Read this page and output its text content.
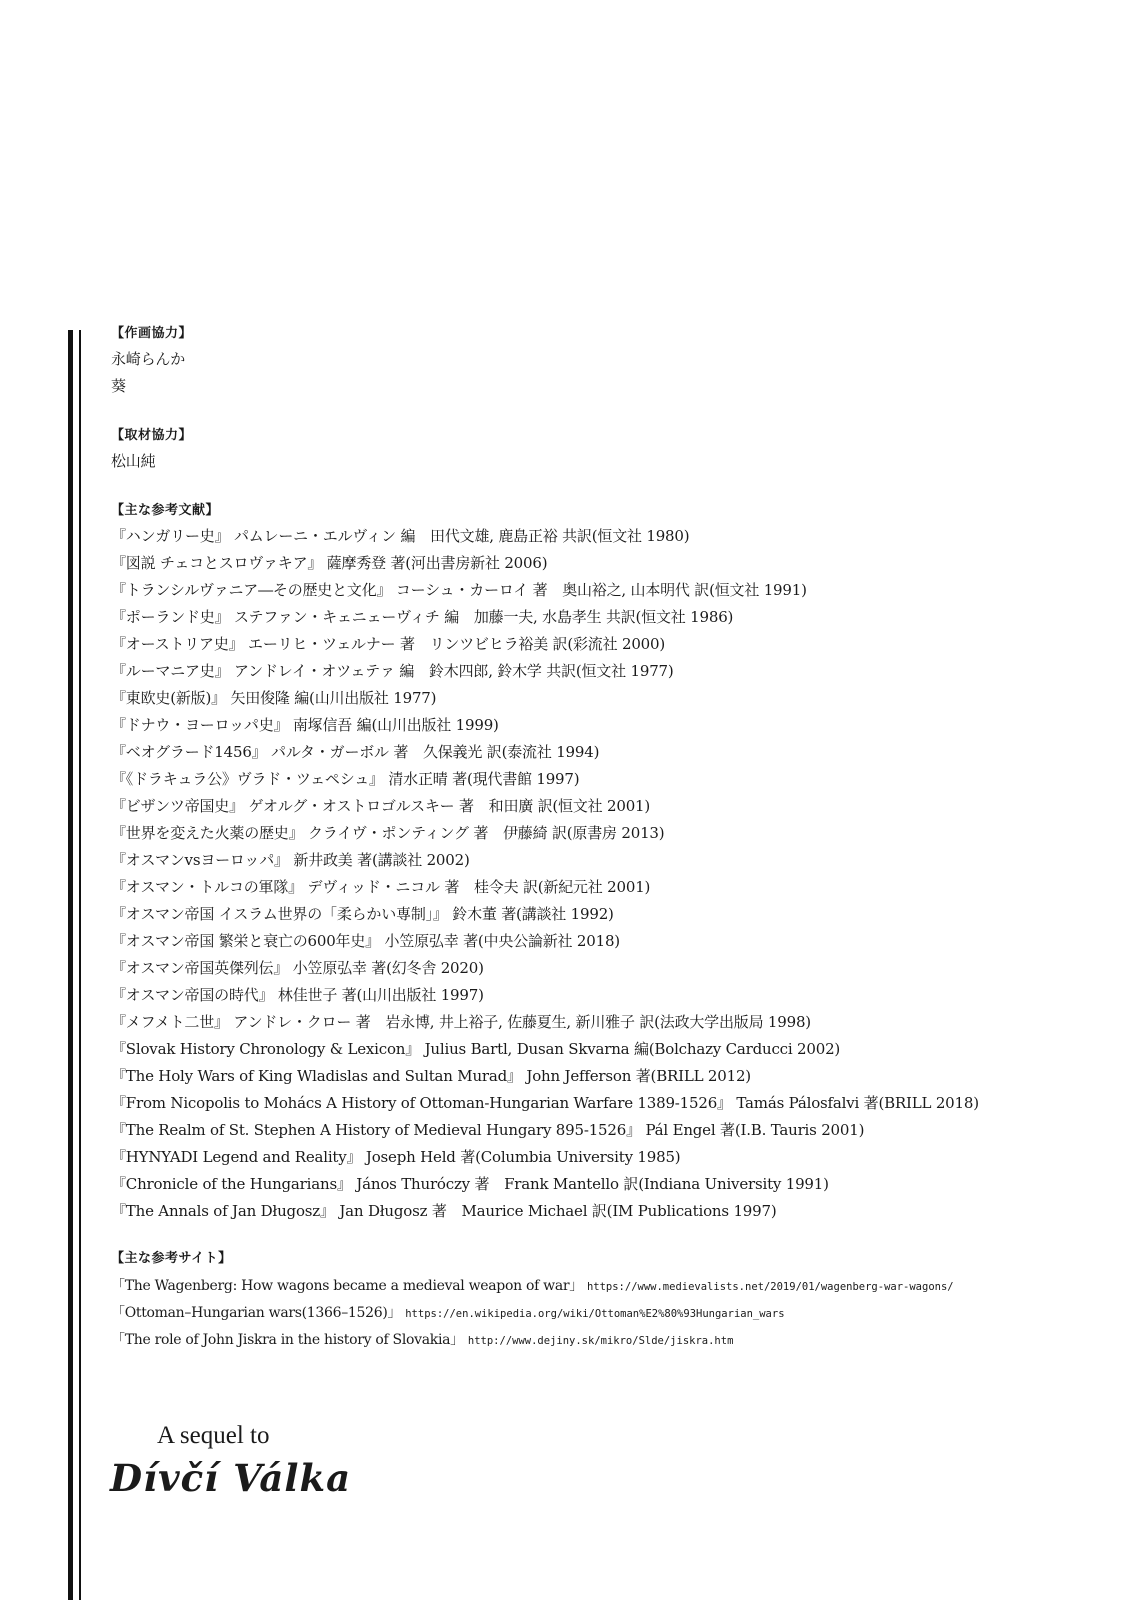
【作画協力】
永崎らんか
葵
【取材協力】
松山純
【主な参考文献】
『ハンガリー史』 パムレーニ・エルヴィン 編　田代文雄, 鹿島正裕 共訳(恒文社 1980)
『図説 チェコとスロヴァキア』 薩摩秀登 著(河出書房新社 2006)
『トランシルヴァニア―その歴史と文化』 コーシュ・カーロイ 著　奥山裕之, 山本明代 訳(恒文社 1991)
『ポーランド史』 ステファン・キェニェーヴィチ 編　加藤一夫, 水島孝生 共訳(恒文社 1986)
『オーストリア史』 エーリヒ・ツェルナー 著　リンツビヒラ裕美 訳(彩流社 2000)
『ルーマニア史』 アンドレイ・オツェテァ 編　鈴木四郎, 鈴木学 共訳(恒文社 1977)
『東欧史(新版)』 矢田俊隆 編(山川出版社 1977)
『ドナウ・ヨーロッパ史』 南塚信吾 編(山川出版社 1999)
『ベオグラード1456』 パルタ・ガーボル 著　久保義光 訳(泰流社 1994)
『《ドラキュラ公》ヴラド・ツェペシュ』 清水正晴 著(現代書館 1997)
『ビザンツ帝国史』 ゲオルグ・オストロゴルスキー 著　和田廣 訳(恒文社 2001)
『世界を変えた火薬の歴史』 クライヴ・ポンティング 著　伊藤綺 訳(原書房 2013)
『オスマンvsヨーロッパ』 新井政美 著(講談社 2002)
『オスマン・トルコの軍隊』 デヴィッド・ニコル 著　桂令夫 訳(新紀元社 2001)
『オスマン帝国 イスラム世界の「柔らかい専制」』 鈴木董 著(講談社 1992)
『オスマン帝国 繁栄と衰亡の600年史』 小笠原弘幸 著(中央公論新社 2018)
『オスマン帝国英傑列伝』 小笠原弘幸 著(幻冬舎 2020)
『オスマン帝国の時代』 林佳世子 著(山川出版社 1997)
『メフメト二世』 アンドレ・クロー 著　岩永博, 井上裕子, 佐藤夏生, 新川雅子 訳(法政大学出版局 1998)
『Slovak History Chronology & Lexicon』 Julius Bartl, Dusan Skvarna 編(Bolchazy Carducci 2002)
『The Holy Wars of King Wladislas and Sultan Murad』 John Jefferson 著(BRILL 2012)
『From Nicopolis to Mohács A History of Ottoman-Hungarian Warfare 1389-1526』 Tamás Pálosfalvi 著(BRILL 2018)
『The Realm of St. Stephen A History of Medieval Hungary 895-1526』 Pál Engel 著(I.B. Tauris 2001)
『HYNYADI Legend and Reality』 Joseph Held 著(Columbia University 1985)
『Chronicle of the Hungarians』 János Thuróczy 著　Frank Mantello 訳(Indiana University 1991)
『The Annals of Jan Długosz』 Jan Długosz 著　Maurice Michael 訳(IM Publications 1997)
【主な参考サイト】
「The Wagenberg: How wagons became a medieval weapon of war」 https://www.medievalists.net/2019/01/wagenberg-war-wagons/
「Ottoman–Hungarian wars(1366–1526)」 https://en.wikipedia.org/wiki/Ottoman%E2%80%93Hungarian_wars
「The role of John Jiskra in the history of Slovakia」 http://www.dejiny.sk/mikro/Slde/jiskra.htm
A sequel to
Dívčí Válka
